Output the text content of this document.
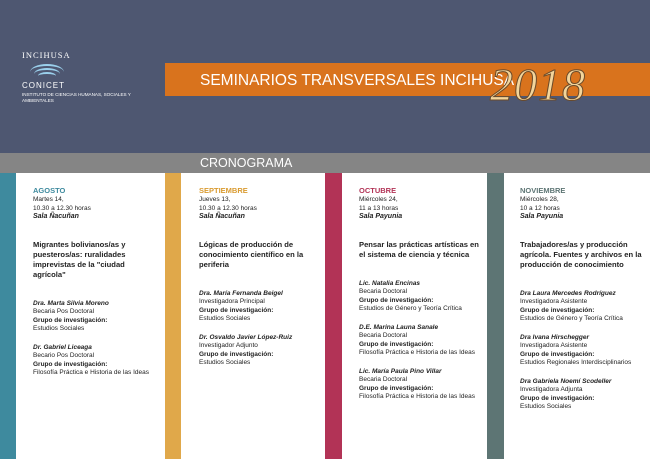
INCIHUSA
CONICET
INSTITUTO DE CIENCIAS HUMANAS, SOCIALES Y AMBIENTALES
SEMINARIOS TRANSVERSALES INCIHUSA
2018
CRONOGRAMA
AGOSTO
Martes 14,
10.30 a 12.30 horas
Sala Ñacuñan
Migrantes bolivianos/as y puesteros/as: ruralidades imprevistas de la "ciudad agrícola"
Dra. Marta Silvia Moreno
Becaria Pos Doctoral
Grupo de investigación:
Estudios Sociales
Dr. Gabriel Liceaga
Becario Pos Doctoral
Grupo de investigación:
Filosofía Práctica e Historia de las Ideas
SEPTIEMBRE
Jueves 13,
10.30 a 12.30 horas
Sala Ñacuñan
Lógicas de producción de conocimiento científico en la periferia
Dra. María Fernanda Beigel
Investigadora Principal
Grupo de investigación:
Estudios Sociales
Dr. Osvaldo Javier López-Ruiz
Investigador Adjunto
Grupo de investigación:
Estudios Sociales
OCTUBRE
Miércoles 24,
11 a 13 horas
Sala Payunia
Pensar las prácticas artísticas en el sistema de ciencia y técnica
Lic. Natalia Encinas
Becaria Doctoral
Grupo de investigación:
Estudios de Género y Teoría Crítica
D.E. Marina Launa Sanale
Becaria Doctoral
Grupo de investigación:
Filosofía Práctica e Historia de las Ideas
Lic. María Paula Pino Villar
Becaria Doctoral
Grupo de investigación:
Filosofía Práctica e Historia de las Ideas
NOVIEMBRE
Miércoles 28,
10 a 12 horas
Sala Payunia
Trabajadores/as y producción agrícola. Fuentes y archivos en la producción de conocimiento
Dra Laura Mercedes Rodríguez
Investigadora Asistente
Grupo de investigación:
Estudios de Género y Teoría Crítica
Dra Ivana Hirschegger
Investigadora Asistente
Grupo de investigación:
Estudios Regionales Interdisciplinarios
Dra Gabriela Noemí Scodeller
Investigadora Adjunta
Grupo de investigación:
Estudios Sociales
